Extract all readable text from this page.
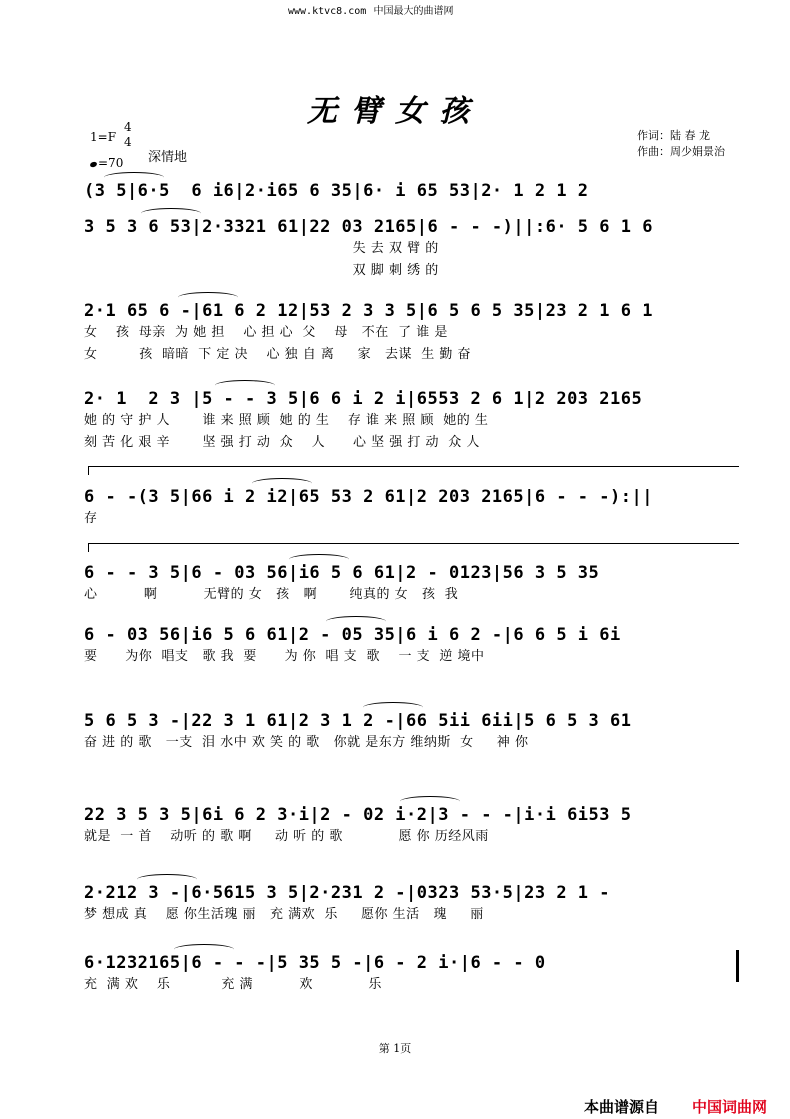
www.ktvc8.com 中国最大的曲谱网
无臂女孩
1=F
4
4
=70 深情地
作词：陆 春 龙
作曲：周少娟景治
(3 5|6·5  6 i6|2·i65 6 35|6· i 65 53|2· 1 2 1 2
3 5 3 6 53|2·3321 61|22 03 2165|6 - - -)||:6· 5 6 1 6
失 去 双 臂 的
双 脚 刺 绣 的
2·1 65 6 -|61 6 2 12|53 2 3 3 5|6 5 6 5 35|23 2 1 6 1
女    孩  母亲  为 她 担    心 担 心  父    母   不在  了 谁 是
女         孩  暗暗  下 定 决    心 独 自 离     家   去谋  生 勤 奋
2· 1  2 3 |5 - - 3 5|6 6 i 2 i|6553 2 6 1|2 203 2165
她 的 守 护 人       谁 来 照 顾  她 的 生    存 谁 来 照 顾  她的 生
刻 苦 化 艰 辛       坚 强 打 动  众    人      心 坚 强 打 动  众 人
6 - -(3 5|66 i 2 i2|65 53 2 61|2 203 2165|6 - - -):||
存
6 - - 3 5|6 - 03 56|i6 5 6 61|2 - 0123|56 3 5 35
心          啊          无臂的 女   孩   啊       纯真的 女   孩  我
6 - 03 56|i6 5 6 61|2 - 05 35|6 i 6 2 -|6 6 5 i 6i
要      为你  唱支   歌 我  要      为 你  唱 支  歌    一 支  逆 境中
5 6 5 3 -|22 3 1 61|2 3 1 2 -|66 5ii 6ii|5 6 5 3 61
奋 进 的 歌   一支  泪 水中 欢 笑 的 歌   你就 是东方 维纳斯  女     神 你
22 3 5 3 5|6i 6 2 3·i|2 - 02 i·2|3 - - -|i·i 6i53 5
就是  一 首    动听 的 歌 啊     动 听 的 歌            愿 你 历经风雨
2·212 3 -|6·5615 3 5|2·231 2 -|0323 53·5|23 2 1 -
梦 想成 真    愿 你生活瑰 丽   充 满欢  乐     愿你 生活   瑰     丽
6·1232165|6 - - -|5 35 5 -|6 - 2 i·|6 - - 0
充  满 欢    乐           充 满          欢            乐
第 1页
本曲谱源自 中国词曲网
